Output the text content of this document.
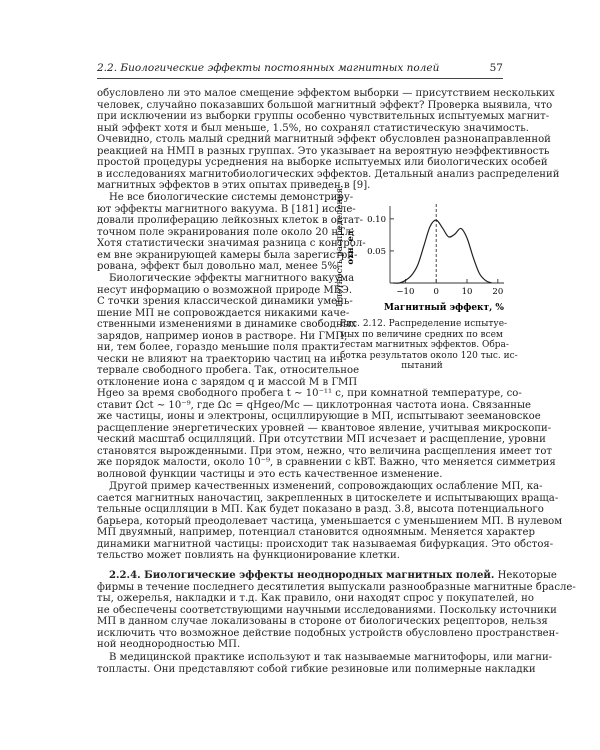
2.2. Биологические эффекты постоянных магнитных полей	57
обусловлено ли это малое смещение эффектом выборки — присутствием нескольких
человек, случайно показавших большой магнитный эффект? Проверка выявила, что
при исключении из выборки группы особенно чувствительных испытуемых магнит-
ный эффект хотя и был меньше, 1.5%, но сохранял статистическую значимость.
Очевидно, столь малый средний магнитный эффект обусловлен разнонаправленной
реакцией на НМП в разных группах. Это указывает на вероятную неэффективность
простой процедуры усреднения на выборке испытуемых или биологических особей
в исследованиях магнитобиологических эффектов. Детальный анализ распределений
магнитных эффектов в этих опытах приведен в [9].
Не все биологические системы демонстриру-
ют эффекты магнитного вакуума. В [181] иссле-
довали пролиферацию лейкозных клеток в остат-
точном поле экранирования поле около 20 нТл.
Хотя статистически значимая разница с контрол-
ем вне экранирующей камеры была зарегистри-
рована, эффект был довольно мал, менее 5%.
Биологические эффекты магнитного вакуума
несут информацию о возможной природе МБЭ.
С точки зрения классической динамики умень-
шение МП не сопровождается никакими каче-
ственными изменениями в динамике свободных
зарядов, например ионов в растворе. Ни ГМП,
ни, тем более, гораздо меньшие поля практи-
чески не влияют на траекторию частиц на ин-
тервале свободного пробега. Так, относительное
отклонение иона с зарядом q и массой M в ГМП
Hgeo за время свободного пробега t ∼ 10⁻¹¹ с, при комнатной температуре, со-
ставит Ωct ∼ 10⁻⁹, где Ωc = qHgeo/Mc — циклотронная частота иона. Связанные
же частицы, ионы и электроны, осциллирующие в МП, испытывают зеемановское
расщепление энергетических уровней — квантовое явление, учитывая микроскопи-
ческий масштаб осцилляций. При отсутствии МП исчезает и расщепление, уровни
становятся вырожденными. При этом, нежно, что величина расщепления имеет тот
же порядок малости, около 10⁻⁹, в сравнении с kBT. Важно, что меняется симметрия
волновой функции частицы и это есть качественное изменение.
Другой пример качественных изменений, сопровождающих ослабление МП, ка-
сается магнитных наночастиц, закрепленных в цитоскелете и испытывающих враща-
тельные осцилляции в МП. Как будет показано в разд. 3.8, высота потенциального
барьера, который преодолевает частица, уменьшается с уменьшением МП. В нулевом
МП двуямный, например, потенциал становится одноямным. Меняется характер
динамики магнитной частицы: происходит так называемая бифуркация. Это обстоя-
тельство может повлиять на функционирование клетки.
2.2.4. Биологические эффекты неоднородных магнитных полей. Некоторые
фирмы в течение последнего десятилетия выпускали разнообразные магнитные брасле-
ты, ожерелья, накладки и т.д. Как правило, они находят спрос у покупателей, но
не обеспечены соответствующими научными исследованиями. Поскольку источники
МП в данном случае локализованы в стороне от биологических рецепторов, нельзя
исключить что возможное действие подобных устройств обусловлено пространствен-
ной неоднородностью МП.
В медицинской практике используют и так называемые магнитофоры, или магни-
топласты. Они представляют собой гибкие резиновые или полимерные накладки
Плотность распределения, отн. ед.
0.10
0.05
−10 0	10 20
Магнитный эффект, %
Рис. 2.12. Распределение испытуе-
мых по величине средних по всем
тестам магнитных эффектов. Обра-
ботка результатов около 120 тыс. ис-
пытаний
